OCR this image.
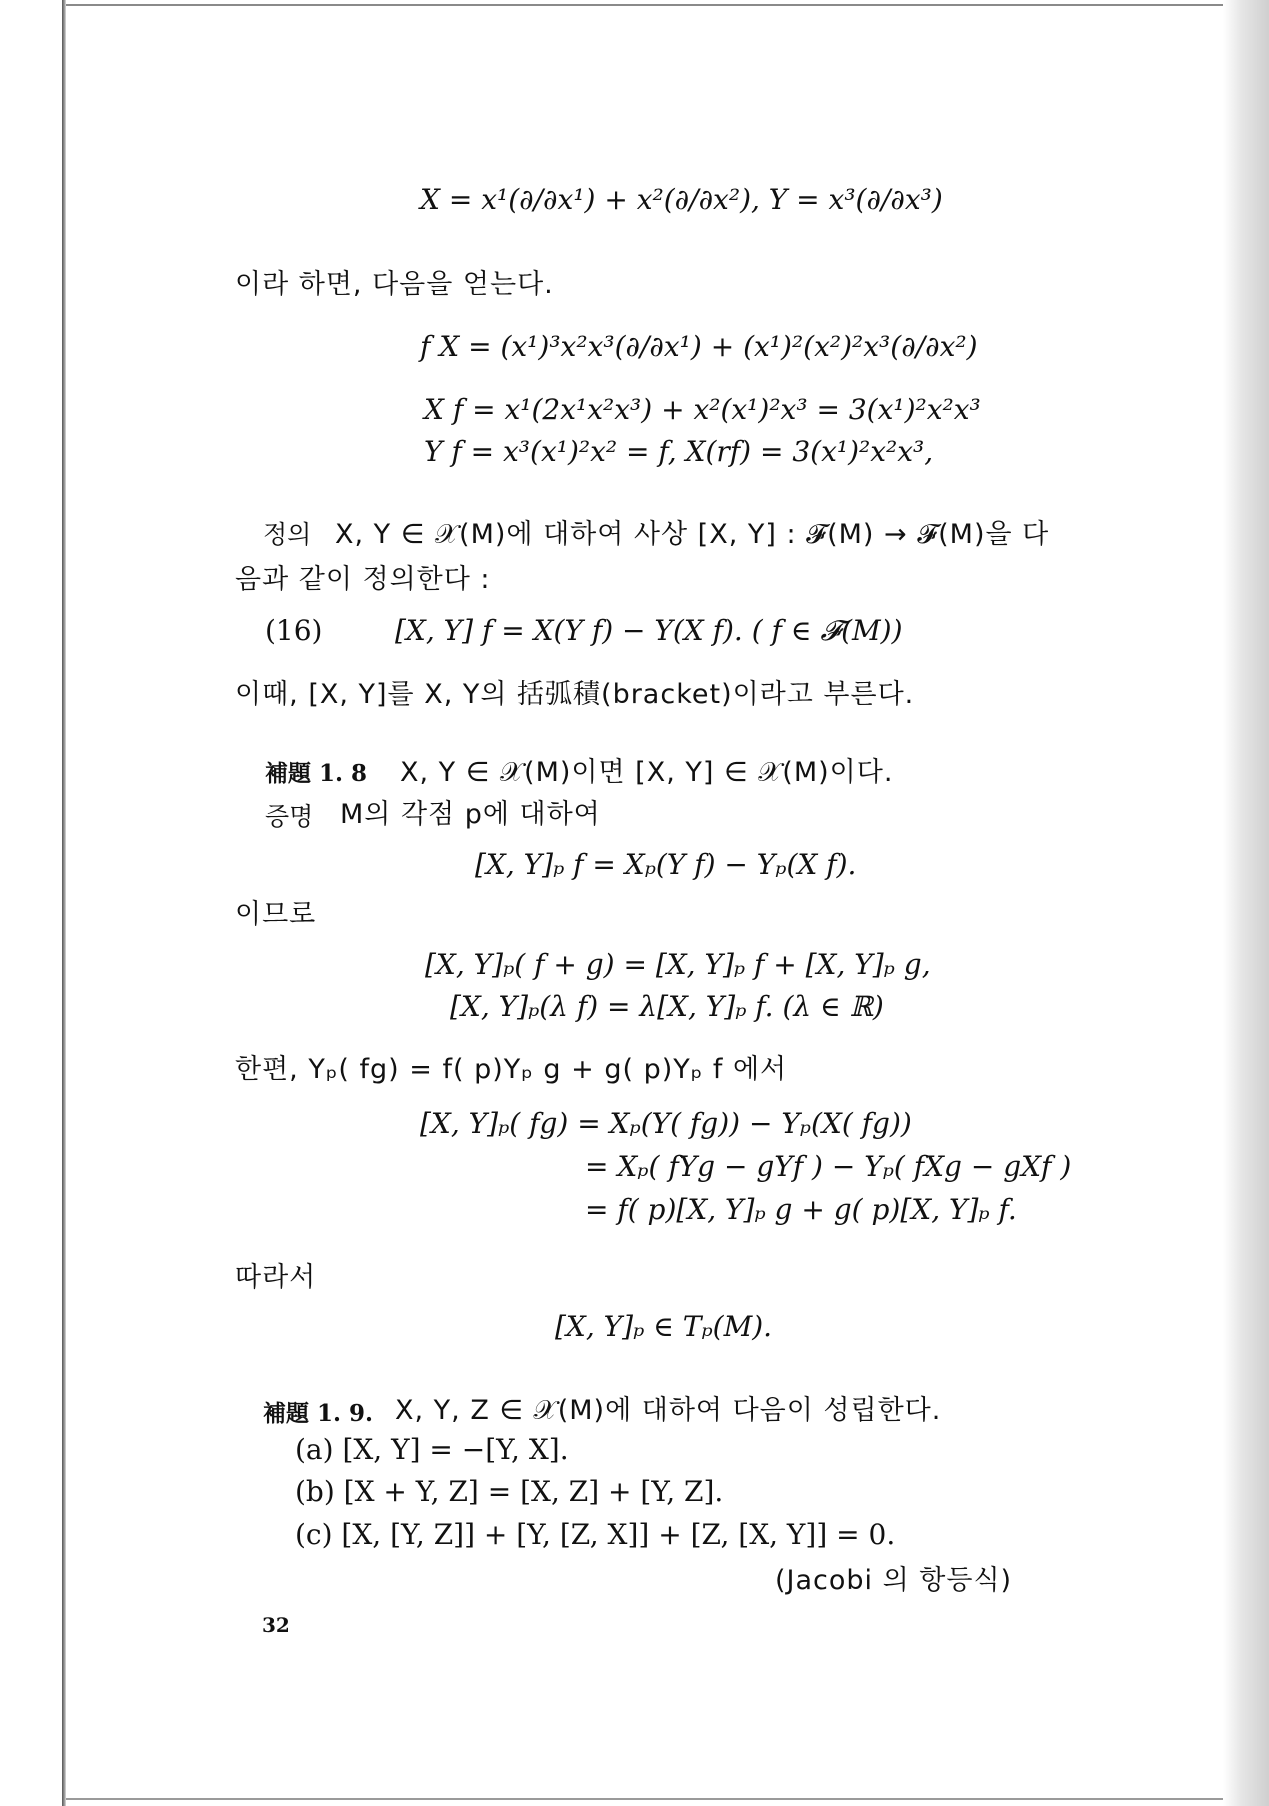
X = x¹(∂/∂x¹) + x²(∂/∂x²), Y = x³(∂/∂x³)
이라 하면, 다음을 얻는다.
f X = (x¹)³x²x³(∂/∂x¹) + (x¹)²(x²)²x³(∂/∂x²)
X f = x¹(2x¹x²x³) + x²(x¹)²x³ = 3(x¹)²x²x³
Y f = x³(x¹)²x² = f, X(rf) = 3(x¹)²x²x³,
정의 X, Y ∈ 𝒳(M)에 대하여 사상 [X, Y] : 𝓕(M) → 𝓕(M)을 다
음과 같이 정의한다 :
(16)	[X, Y] f = X(Y f) − Y(X f). ( f ∈ 𝓕(M))
이때, [X, Y]를 X, Y의 括弧積(bracket)이라고 부른다.
補題 1. 8 X, Y ∈ 𝒳(M)이면 [X, Y] ∈ 𝒳(M)이다.
증명 M의 각점 p에 대하여
[X, Y]ₚ f = Xₚ(Y f) − Yₚ(X f).
이므로
[X, Y]ₚ( f + g) = [X, Y]ₚ f + [X, Y]ₚ g,
[X, Y]ₚ(λ f) = λ[X, Y]ₚ f. (λ ∈ ℝ)
한편, Yₚ( fg) = f( p)Yₚ g + g( p)Yₚ f 에서
[X, Y]ₚ( fg) = Xₚ(Y( fg)) − Yₚ(X( fg))
= Xₚ( fYg − gYf ) − Yₚ( fXg − gXf )
= f( p)[X, Y]ₚ g + g( p)[X, Y]ₚ f.
따라서
[X, Y]ₚ ∈ Tₚ(M).
補題 1. 9. X, Y, Z ∈ 𝒳(M)에 대하여 다음이 성립한다.
(a) [X, Y] = −[Y, X].
(b) [X + Y, Z] = [X, Z] + [Y, Z].
(c) [X, [Y, Z]] + [Y, [Z, X]] + [Z, [X, Y]] = 0.
(Jacobi 의 항등식)
32
